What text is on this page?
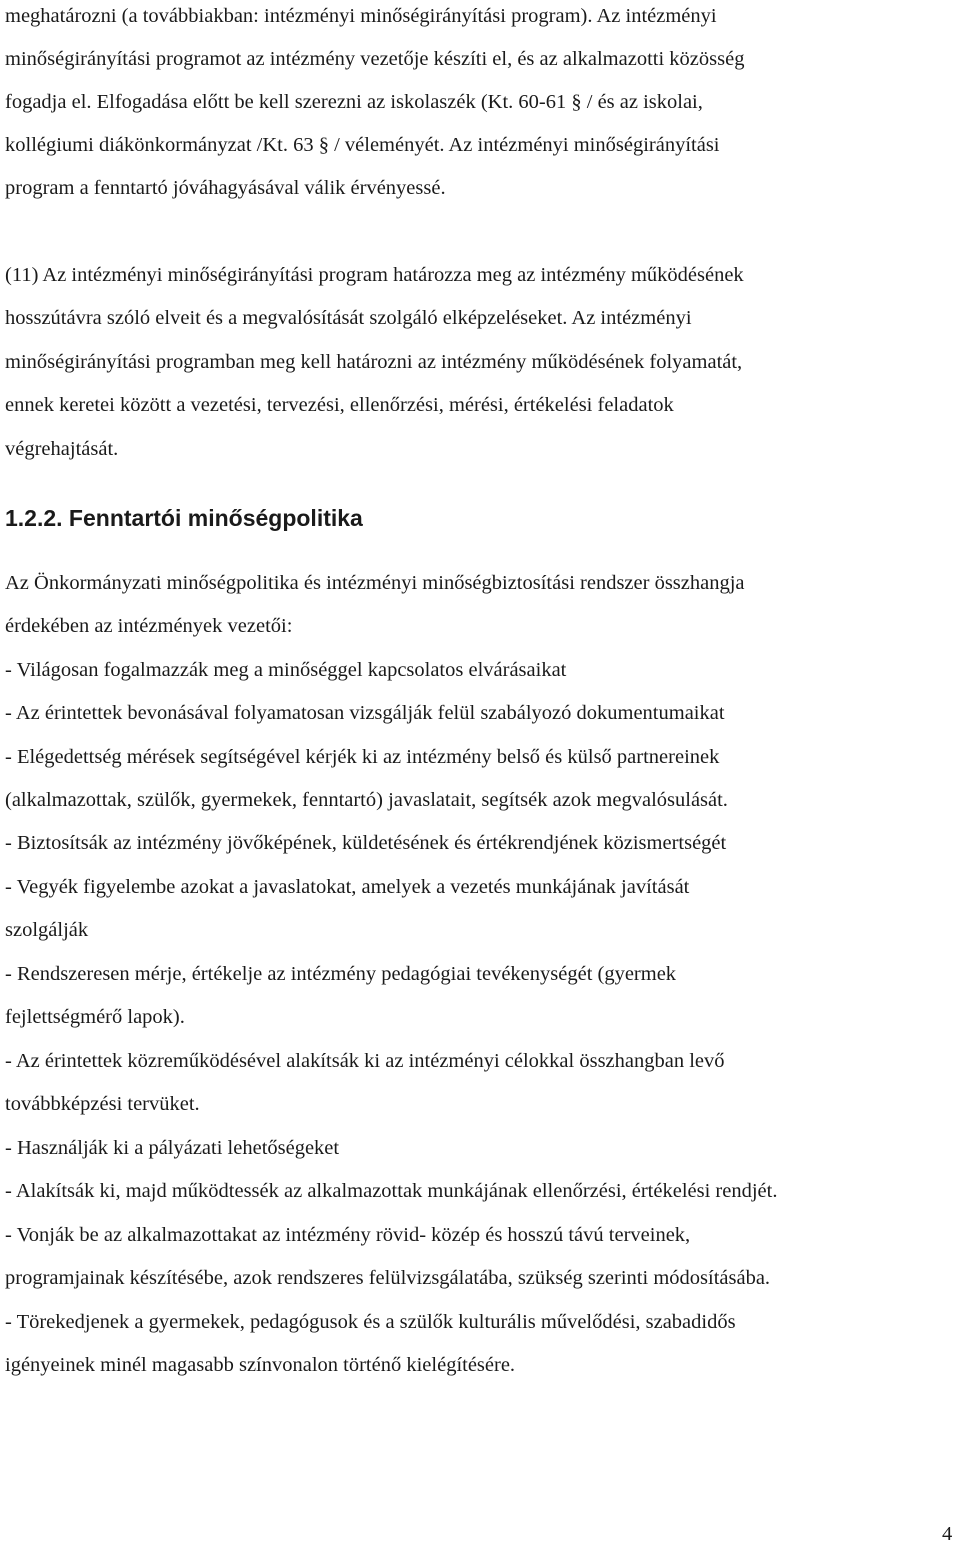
meghatározni (a továbbiakban: intézményi minőségirányítási program). Az intézményi
minőségirányítási programot az intézmény vezetője készíti el, és az alkalmazotti közösség
fogadja el. Elfogadása előtt be kell szerezni az iskolaszék (Kt. 60-61 § / és az iskolai,
kollégiumi diákönkormányzat /Kt. 63 § / véleményét. Az intézményi minőségirányítási
program a fenntartó jóváhagyásával válik érvényessé.
(11) Az intézményi minőségirányítási program határozza meg az intézmény működésének
hosszútávra szóló elveit és a megvalósítását szolgáló elképzeléseket. Az intézményi
minőségirányítási programban meg kell határozni az intézmény működésének folyamatát,
ennek keretei között a vezetési, tervezési, ellenőrzési, mérési, értékelési feladatok
végrehajtását.
1.2.2. Fenntartói minőségpolitika
Az Önkormányzati minőségpolitika és intézményi minőségbiztosítási rendszer összhangja
érdekében az intézmények vezetői:
- Világosan fogalmazzák meg a minőséggel kapcsolatos elvárásaikat
- Az érintettek bevonásával folyamatosan vizsgálják felül szabályozó dokumentumaikat
- Elégedettség mérések segítségével kérjék ki az intézmény belső és külső partnereinek
(alkalmazottak, szülők, gyermekek, fenntartó) javaslatait, segítsék azok megvalósulását.
- Biztosítsák az intézmény jövőképének, küldetésének és értékrendjének közismertségét
- Vegyék figyelembe azokat a javaslatokat, amelyek a vezetés munkájának javítását
szolgálják
- Rendszeresen mérje, értékelje az intézmény pedagógiai tevékenységét (gyermek
fejlettségmérő lapok).
- Az érintettek közreműködésével alakítsák ki az intézményi célokkal összhangban levő
továbbképzési tervüket.
- Használják ki a pályázati lehetőségeket
- Alakítsák ki, majd működtessék az alkalmazottak munkájának ellenőrzési, értékelési rendjét.
- Vonják be az alkalmazottakat az intézmény rövid- közép és hosszú távú terveinek,
programjainak készítésébe, azok rendszeres felülvizsgálatába, szükség szerinti módosításába.
- Törekedjenek a gyermekek, pedagógusok és a szülők kulturális művelődési, szabadidős
igényeinek minél magasabb színvonalon történő kielégítésére.
4
